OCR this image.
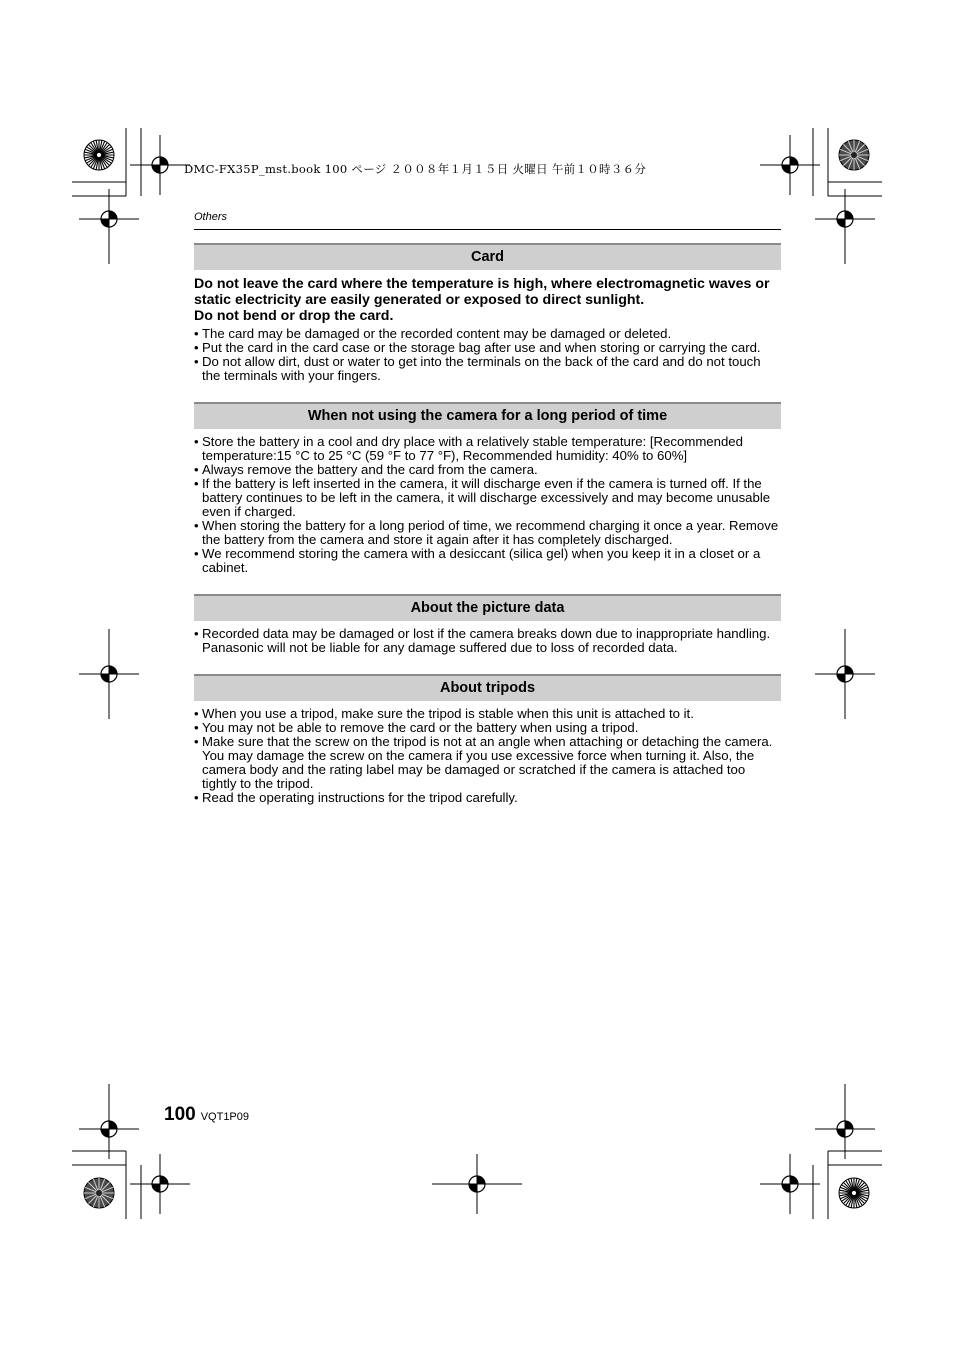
DMC-FX35P_mst.book 100 ページ ２００８年１月１５日 火曜日 午前１０時３６分
Others
Card

Do not leave the card where the temperature is high, where electromagnetic waves or static electricity are easily generated or exposed to direct sunlight.

Do not bend or drop the card.

• The card may be damaged or the recorded content may be damaged or deleted.
• Put the card in the card case or the storage bag after use and when storing or carrying the card.
• Do not allow dirt, dust or water to get into the terminals on the back of the card and do not touch the terminals with your fingers.
When not using the camera for a long period of time
• Store the battery in a cool and dry place with a relatively stable temperature: [Recommended temperature:15 °C to 25 °C (59 °F to 77 °F), Recommended humidity: 40% to 60%]
• Always remove the battery and the card from the camera.
• If the battery is left inserted in the camera, it will discharge even if the camera is turned off. If the battery continues to be left in the camera, it will discharge excessively and may become unusable even if charged.
• When storing the battery for a long period of time, we recommend charging it once a year. Remove the battery from the camera and store it again after it has completely discharged.
• We recommend storing the camera with a desiccant (silica gel) when you keep it in a closet or a cabinet.
About the picture data
• Recorded data may be damaged or lost if the camera breaks down due to inappropriate handling. Panasonic will not be liable for any damage suffered due to loss of recorded data.
About tripods
• When you use a tripod, make sure the tripod is stable when this unit is attached to it.
• You may not be able to remove the card or the battery when using a tripod.
• Make sure that the screw on the tripod is not at an angle when attaching or detaching the camera. You may damage the screw on the camera if you use excessive force when turning it. Also, the camera body and the rating label may be damaged or scratched if the camera is attached too tightly to the tripod.
• Read the operating instructions for the tripod carefully.
100 VQT1P09
